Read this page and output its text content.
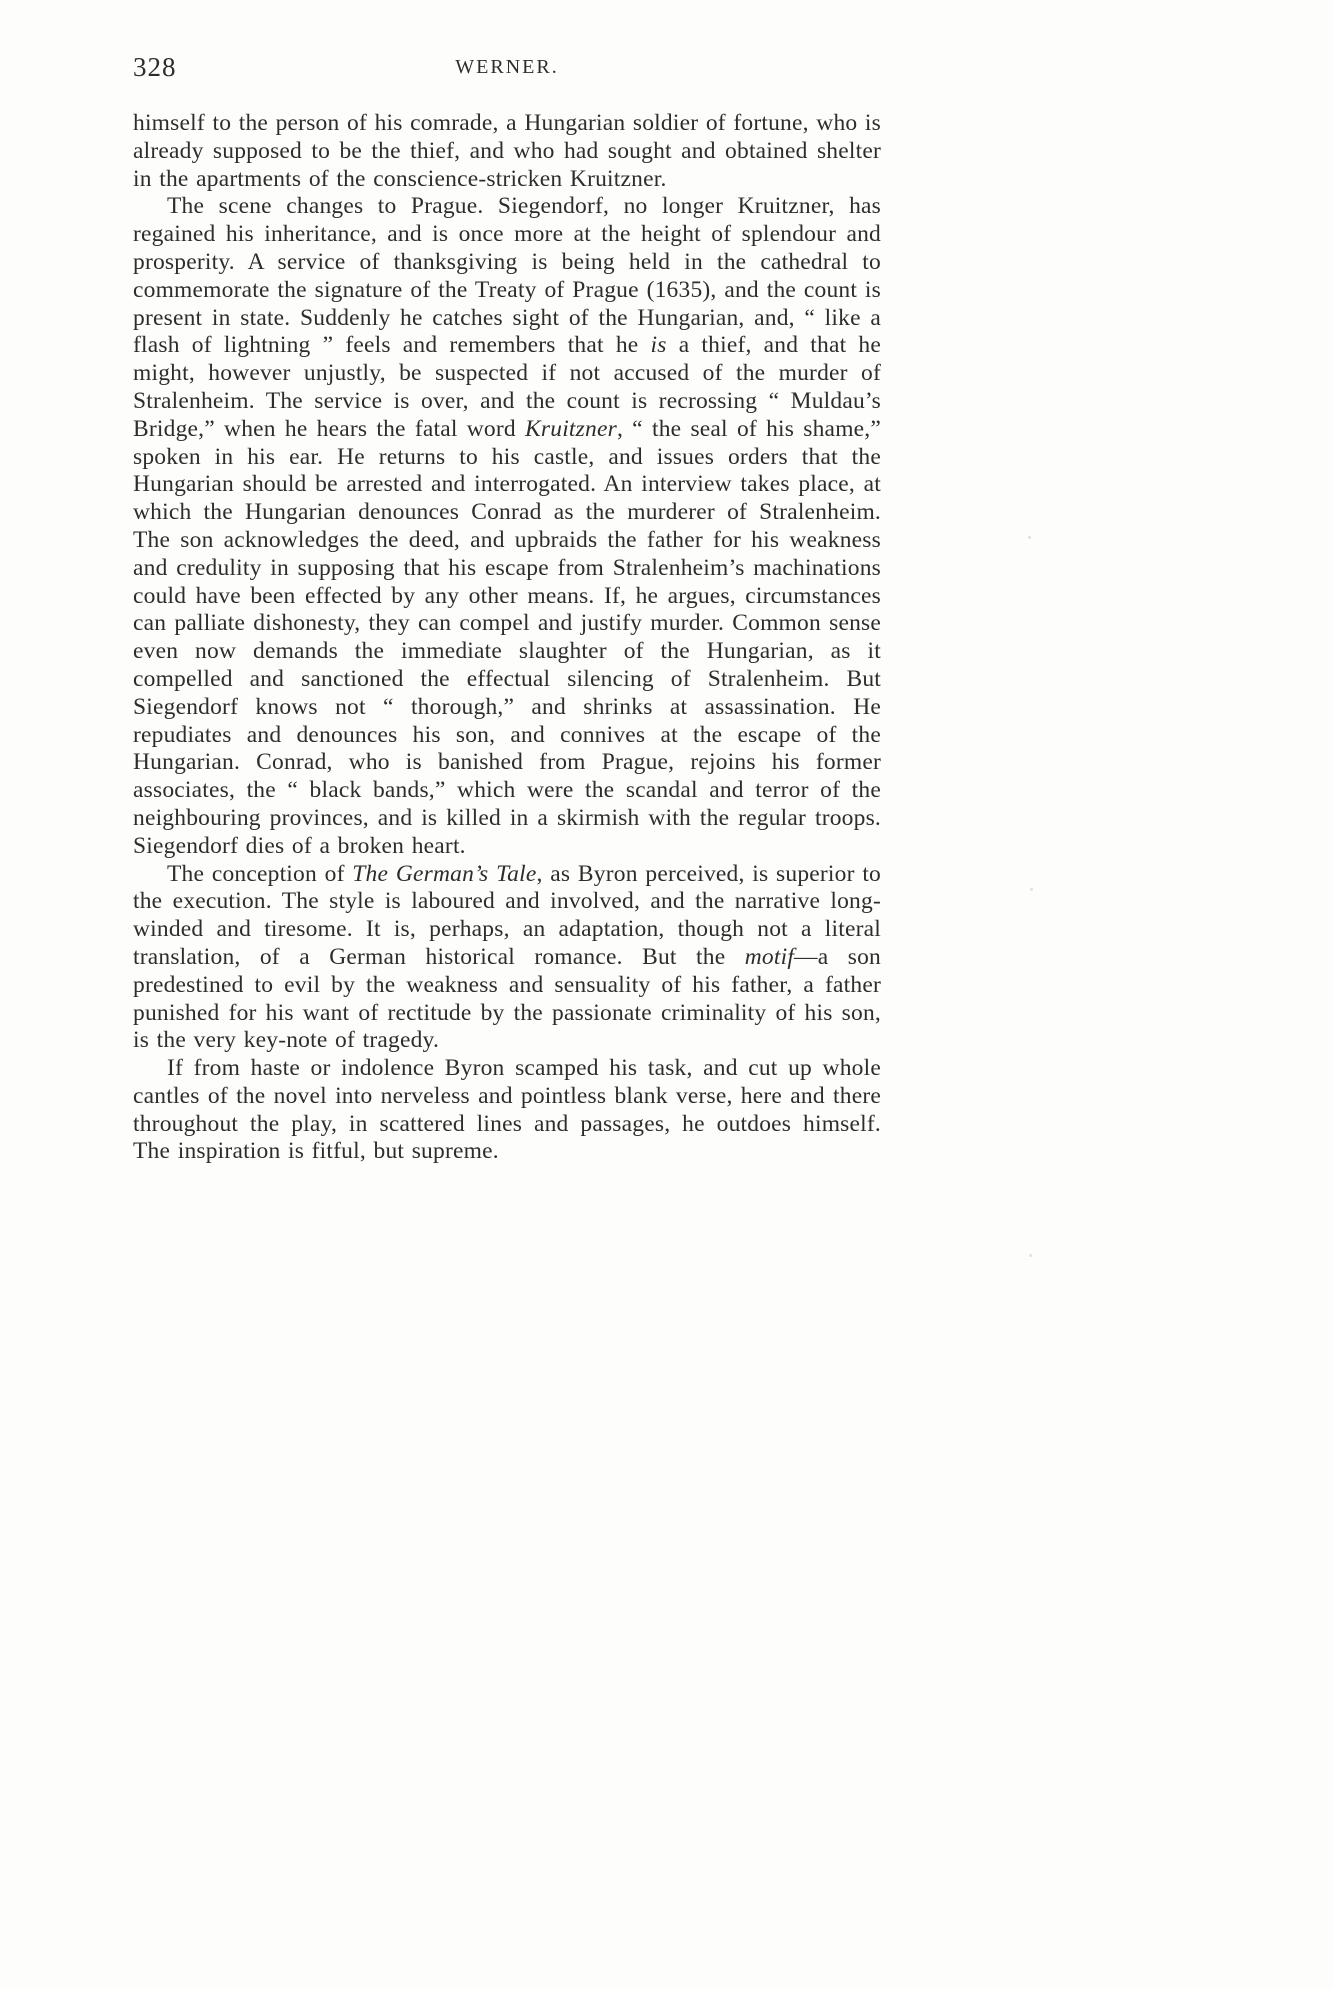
328	WERNER.

himself to the person of his comrade, a Hungarian soldier of fortune, who is already supposed to be the thief, and who had sought and obtained shelter in the apartments of the conscience-stricken Kruitzner.

The scene changes to Prague. Siegendorf, no longer Kruitzner, has regained his inheritance, and is once more at the height of splendour and prosperity. A service of thanksgiving is being held in the cathedral to commemorate the signature of the Treaty of Prague (1635), and the count is present in state. Suddenly he catches sight of the Hungarian, and, “ like a flash of lightning ” feels and remembers that he is a thief, and that he might, however unjustly, be suspected if not accused of the murder of Stralenheim. The service is over, and the count is recrossing “ Muldau’s Bridge,” when he hears the fatal word Kruitzner, “ the seal of his shame,” spoken in his ear. He returns to his castle, and issues orders that the Hungarian should be arrested and interrogated. An interview takes place, at which the Hungarian denounces Conrad as the murderer of Stralenheim. The son acknowledges the deed, and upbraids the father for his weakness and credulity in supposing that his escape from Stralenheim’s machinations could have been effected by any other means. If, he argues, circumstances can palliate dishonesty, they can compel and justify murder. Common sense even now demands the immediate slaughter of the Hungarian, as it compelled and sanctioned the effectual silencing of Stralenheim. But Siegendorf knows not “ thorough,” and shrinks at assassination. He repudiates and denounces his son, and connives at the escape of the Hungarian. Conrad, who is banished from Prague, rejoins his former associates, the “ black bands,” which were the scandal and terror of the neighbouring provinces, and is killed in a skirmish with the regular troops. Siegendorf dies of a broken heart.

The conception of The German’s Tale, as Byron perceived, is superior to the execution. The style is laboured and involved, and the narrative long-winded and tiresome. It is, perhaps, an adaptation, though not a literal translation, of a German historical romance. But the motif—a son predestined to evil by the weakness and sensuality of his father, a father punished for his want of rectitude by the passionate criminality of his son, is the very key-note of tragedy.

If from haste or indolence Byron scamped his task, and cut up whole cantles of the novel into nerveless and pointless blank verse, here and there throughout the play, in scattered lines and passages, he outdoes himself. The inspiration is fitful, but supreme.
